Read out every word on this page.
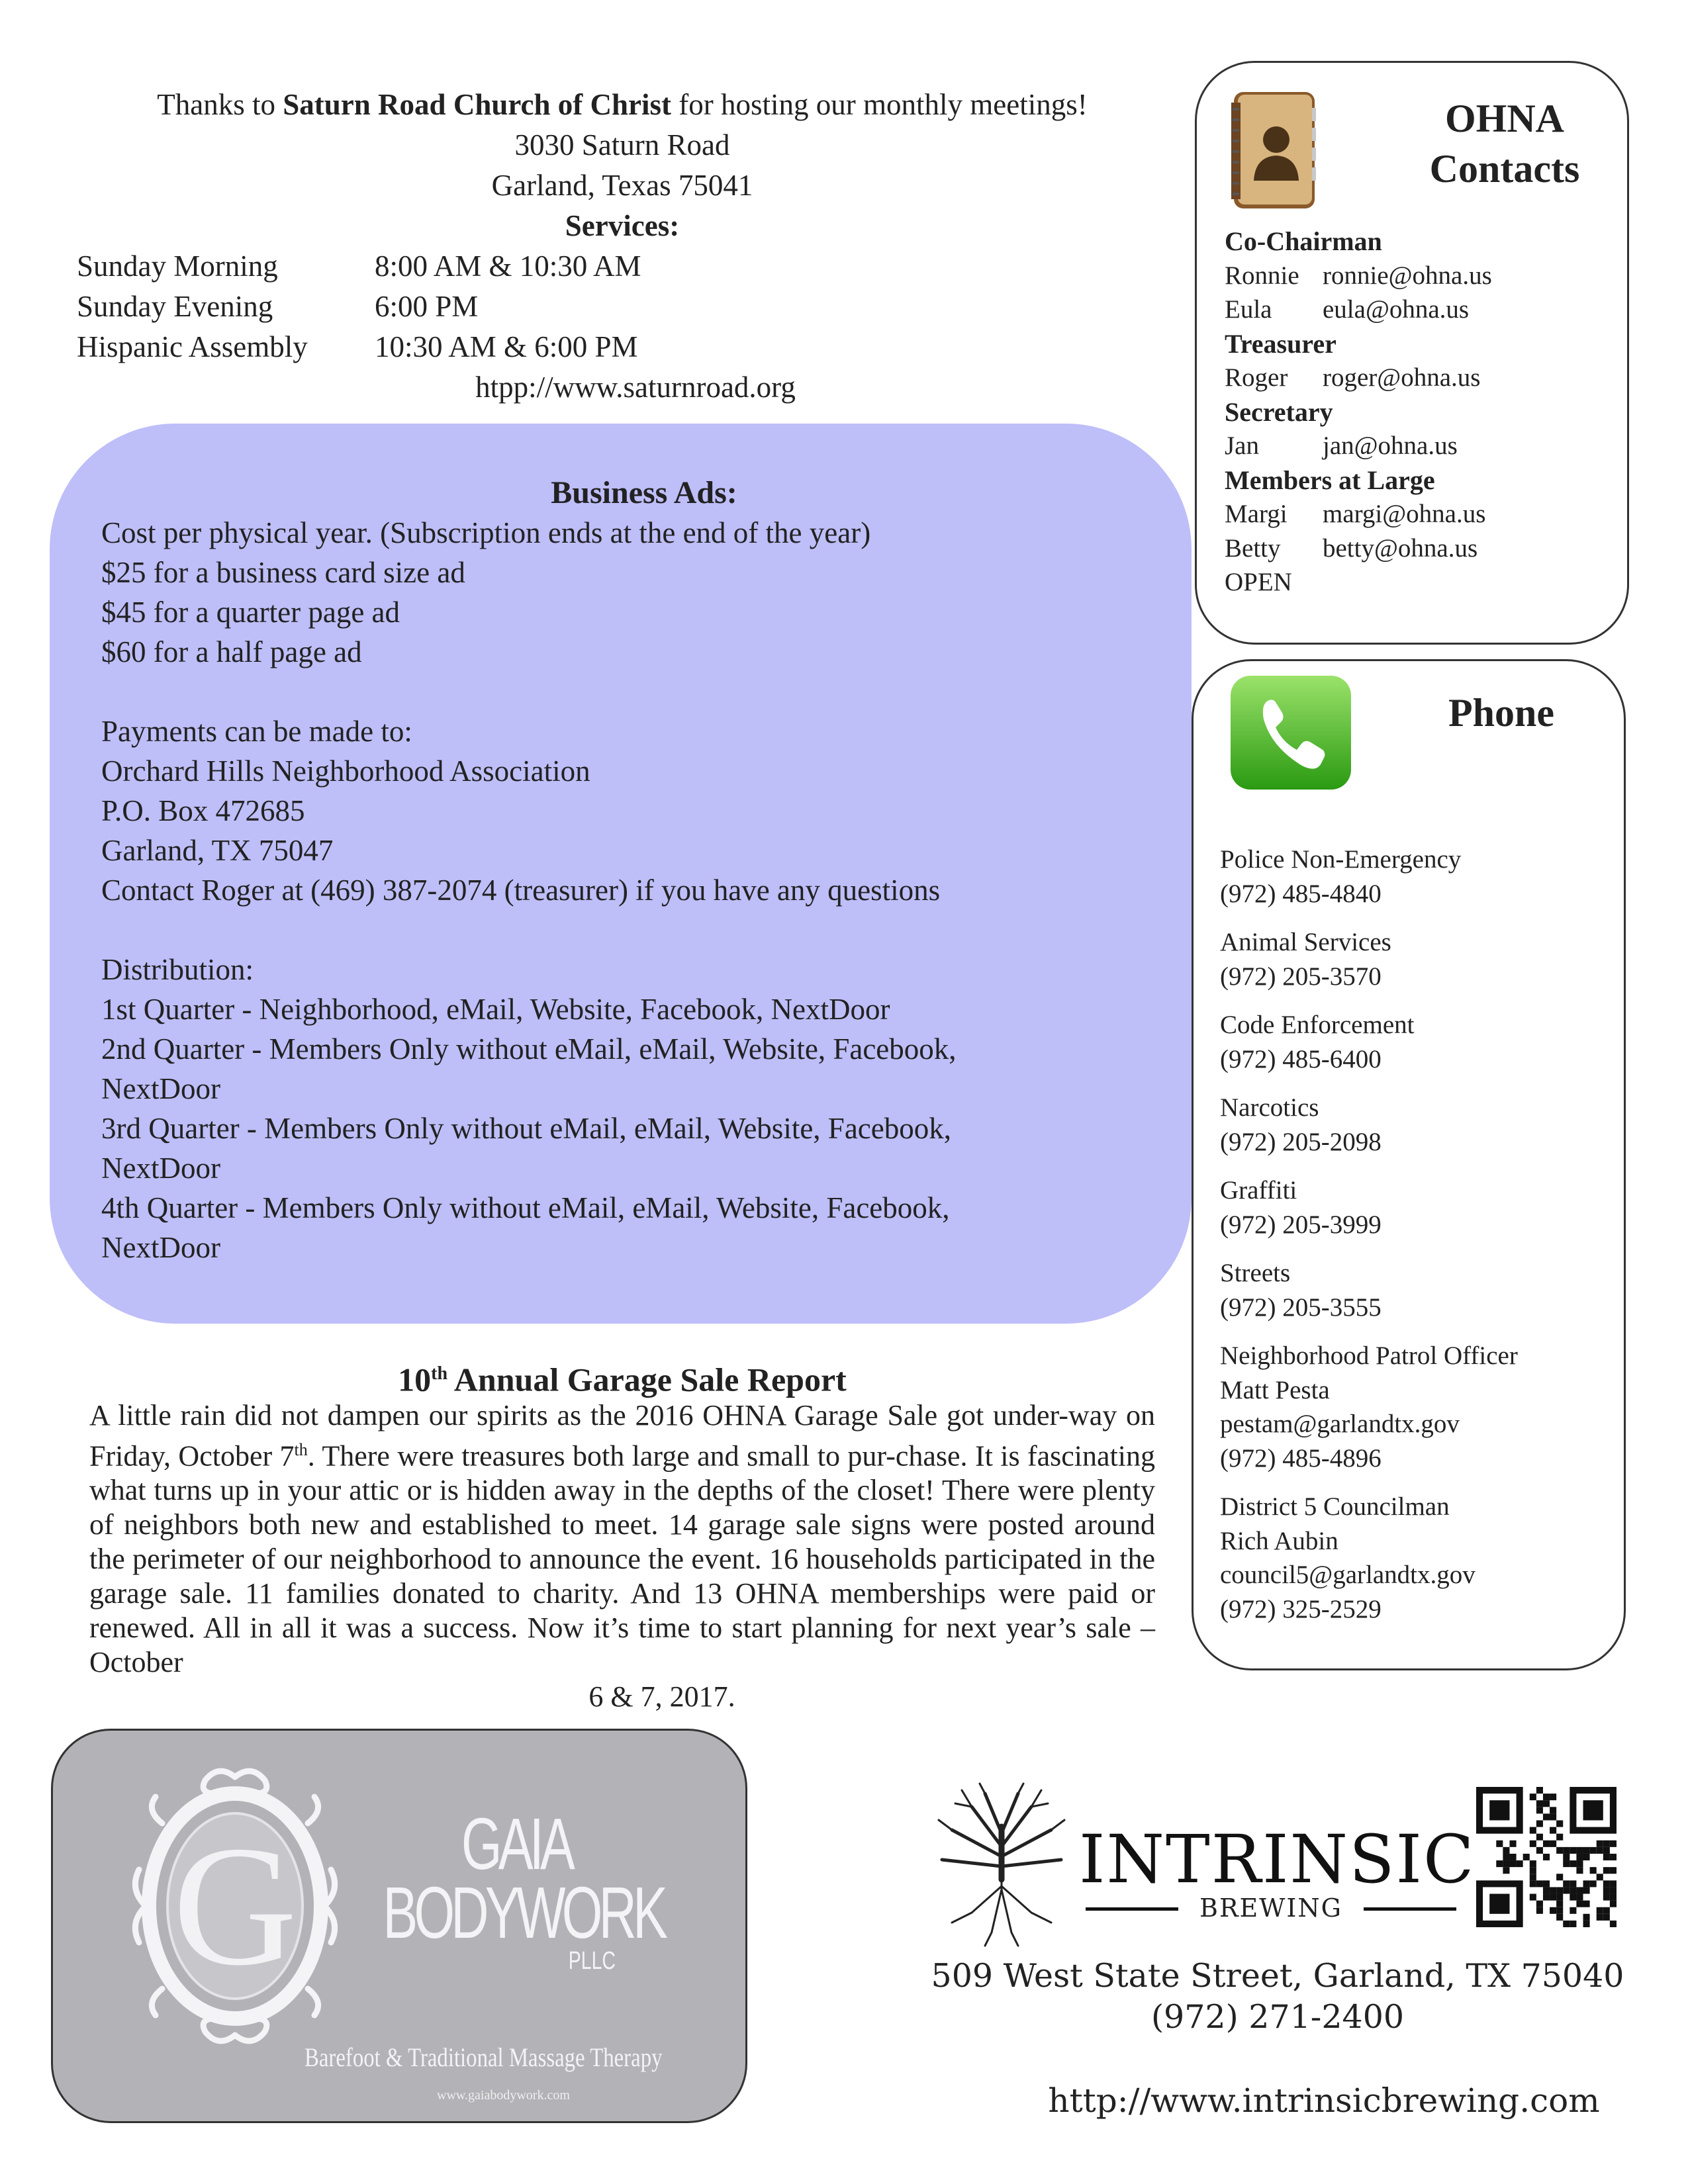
Thanks to Saturn Road Church of Christ for hosting our monthly meetings!
3030 Saturn Road
Garland, Texas 75041
Services:
Sunday Morning	8:00 AM & 10:30 AM
Sunday Evening	6:00 PM
Hispanic Assembly	10:30 AM & 6:00 PM
htpp://www.saturnroad.org
Business Ads:

Cost per physical year. (Subscription ends at the end of the year)

$25 for a business card size ad

$45 for a quarter page ad

$60 for a half page ad

Payments can be made to:

Orchard Hills Neighborhood Association

P.O. Box 472685

Garland, TX 75047

Contact Roger at (469) 387-2074 (treasurer) if you have any questions

Distribution:

1st Quarter - Neighborhood, eMail, Website, Facebook, NextDoor

2nd Quarter - Members Only without eMail, eMail, Website, Facebook,

NextDoor

3rd Quarter - Members Only without eMail, eMail, Website, Facebook,

NextDoor

4th Quarter - Members Only without eMail, eMail, Website, Facebook,

NextDoor

10th Annual Garage Sale Report

A little rain did not dampen our spirits as the 2016 OHNA Garage Sale got under-way on Friday, October 7th. There were treasures both large and small to pur-chase. It is fascinating what turns up in your attic or is hidden away in the depths of the closet! There were plenty of neighbors both new and established to meet. 14 garage sale signs were posted around the perimeter of our neighborhood to announce the event. 16 households participated in the garage sale. 11 families donated to charity. And 13 OHNA memberships were paid or renewed. All in all it was a success. Now it’s time to start planning for next year’s sale – October

6 & 7, 2017.

OHNA
Contacts
Co-Chairman
Ronnie ronnie@ohna.us
Eula eula@ohna.us
Treasurer
Roger roger@ohna.us
Secretary
Jan jan@ohna.us
Members at Large
Margi margi@ohna.us
Betty betty@ohna.us
OPEN
Phone
Police Non-Emergency
(972) 485-4840
Animal Services
(972) 205-3570
Code Enforcement
(972) 485-6400
Narcotics
(972) 205-2098
Graffiti
(972) 205-3999
Streets
(972) 205-3555
Neighborhood Patrol Officer
Matt Pesta
pestam@garlandtx.gov
(972) 485-4896
District 5 Councilman
Rich Aubin
council5@garlandtx.gov
(972) 325-2529
G	GAIA
BODYWORK
PLLC
Barefoot & Traditional Massage Therapy
www.gaiabodywork.com
INTRINSIC
BREWING
509 West State Street, Garland, TX 75040
(972) 271-2400
http://www.intrinsicbrewing.com
